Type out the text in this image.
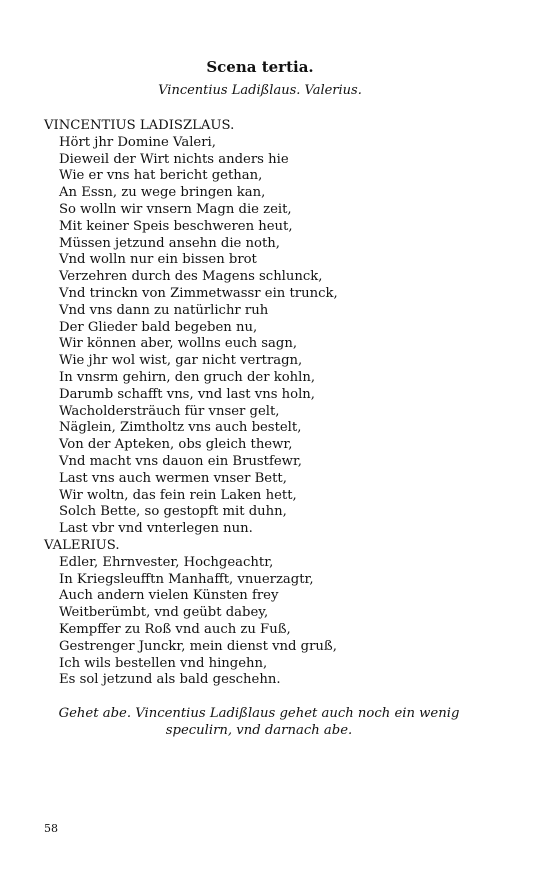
Scena tertia.
Vincentius Ladißlaus. Valerius.
VINCENTIUS LADISZLAUS.
Hört jhr Domine Valeri,
Dieweil der Wirt nichts anders hie
Wie er vns hat bericht gethan,
An Essn, zu wege bringen kan,
So wolln wir vnsern Magn die zeit,
Mit keiner Speis beschweren heut,
Müssen jetzund ansehn die noth,
Vnd wolln nur ein bissen brot
Verzehren durch des Magens schlunck,
Vnd trinckn von Zimmetwassr ein trunck,
Vnd vns dann zu natürlichr ruh
Der Glieder bald begeben nu,
Wir können aber, wollns euch sagn,
Wie jhr wol wist, gar nicht vertragn,
In vnsrm gehirn, den gruch der kohln,
Darumb schafft vns, vnd last vns holn,
Wacholdersträuch für vnser gelt,
Näglein, Zimtholtz vns auch bestelt,
Von der Apteken, obs gleich thewr,
Vnd macht vns dauon ein Brustfewr,
Last vns auch wermen vnser Bett,
Wir woltn, das fein rein Laken hett,
Solch Bette, so gestopft mit duhn,
Last vbr vnd vnterlegen nun.
VALERIUS.
Edler, Ehrnvester, Hochgeachtr,
In Kriegsleufftn Manhafft, vnuerzagtr,
Auch andern vielen Künsten frey
Weitberümbt, vnd geübt dabey,
Kempffer zu Roß vnd auch zu Fuß,
Gestrenger Junckr, mein dienst vnd gruß,
Ich wils bestellen vnd hingehn,
Es sol jetzund als bald geschehn.
Gehet abe. Vincentius Ladißlaus gehet auch noch ein wenig speculirn, vnd darnach abe.
58
